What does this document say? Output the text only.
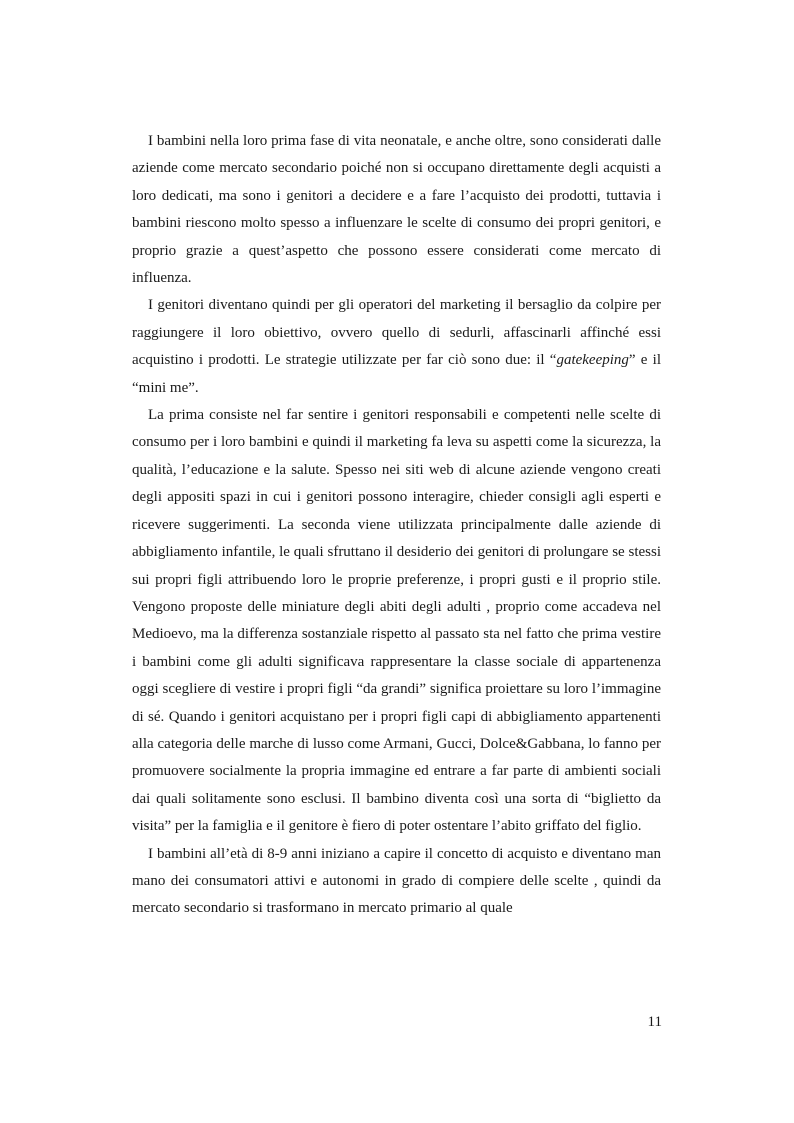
I bambini nella loro prima fase di vita neonatale, e anche oltre, sono considerati dalle aziende come mercato secondario poiché non si occupano direttamente degli acquisti a loro dedicati, ma sono i genitori a decidere e a fare l’acquisto dei prodotti, tuttavia i bambini riescono molto spesso a influenzare le scelte di consumo dei propri genitori, e proprio grazie a quest’aspetto che possono essere considerati come mercato di influenza.

I genitori diventano quindi per gli operatori del marketing il bersaglio da colpire per raggiungere il loro obiettivo, ovvero quello di sedurli, affascinarli affinché essi acquistino i prodotti. Le strategie utilizzate per far ciò sono due: il “gatekeeping” e il “mini me”.

La prima consiste nel far sentire i genitori responsabili e competenti nelle scelte di consumo per i loro bambini e quindi il marketing fa leva su aspetti come la sicurezza, la qualità, l’educazione e la salute. Spesso nei siti web di alcune aziende vengono creati degli appositi spazi in cui i genitori possono interagire, chieder consigli agli esperti e ricevere suggerimenti. La seconda viene utilizzata principalmente dalle aziende di abbigliamento infantile, le quali sfruttano il desiderio dei genitori di prolungare se stessi sui propri figli attribuendo loro le proprie preferenze, i propri gusti e il proprio stile. Vengono proposte delle miniature degli abiti degli adulti , proprio come accadeva nel Medioevo, ma la differenza sostanziale rispetto al passato sta nel fatto che prima vestire i bambini come gli adulti significava rappresentare la classe sociale di appartenenza oggi scegliere di vestire i propri figli “da grandi” significa proiettare su loro l’immagine di sé. Quando i genitori acquistano per i propri figli capi di abbigliamento appartenenti alla categoria delle marche di lusso come Armani, Gucci, Dolce&Gabbana, lo fanno per promuovere socialmente la propria immagine ed entrare a far parte di ambienti sociali dai quali solitamente sono esclusi. Il bambino diventa così una sorta di “biglietto da visita” per la famiglia e il genitore è fiero di poter ostentare l’abito griffato del figlio.

I bambini all’età di 8-9 anni iniziano a capire il concetto di acquisto e diventano man mano dei consumatori attivi e autonomi in grado di compiere delle scelte , quindi da mercato secondario si trasformano in mercato primario al quale

11
